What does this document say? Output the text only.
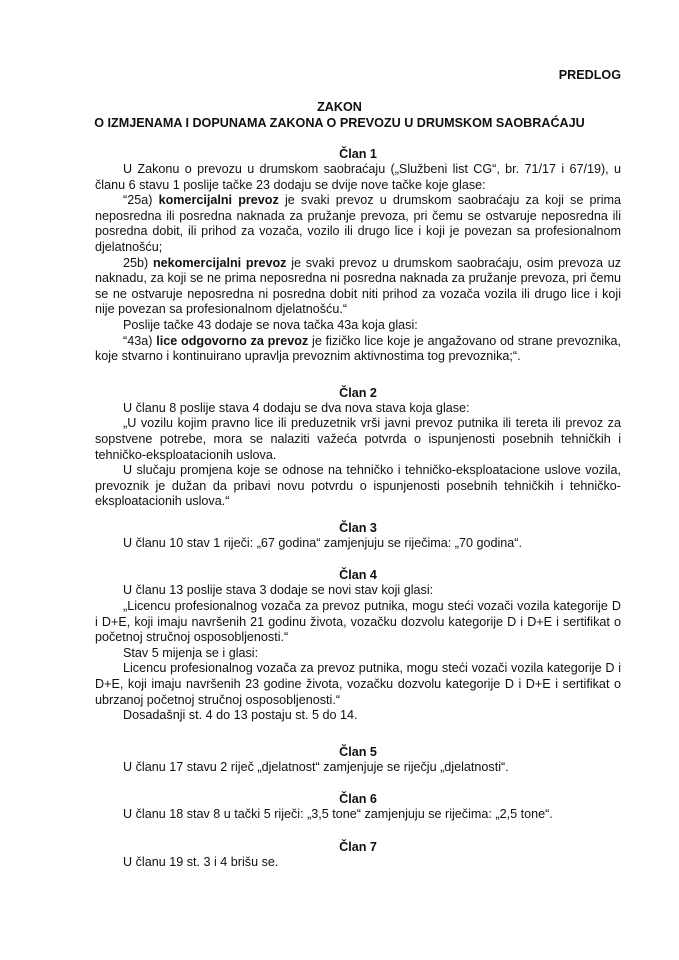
PREDLOG
ZAKON
O IZMJENAMA I DOPUNAMA ZAKONA O PREVOZU U DRUMSKOM SAOBRAĆAJU
Član 1

U Zakonu o prevozu u drumskom saobraćaju („Službeni list CG“, br. 71/17 i 67/19), u članu 6 stavu 1 poslije tačke 23 dodaju se dvije nove tačke koje glase:

“25a) komercijalni prevoz je svaki prevoz u drumskom saobraćaju za koji se prima neposredna ili posredna naknada za pružanje prevoza, pri čemu se ostvaruje neposredna ili posredna dobit, ili prihod za vozača, vozilo ili drugo lice i koji je povezan sa profesionalnom djelatnošću;

25b) nekomercijalni prevoz je svaki prevoz u drumskom saobraćaju, osim prevoza uz naknadu, za koji se ne prima neposredna ni posredna naknada za pružanje prevoza, pri čemu se ne ostvaruje neposredna ni posredna dobit niti prihod za vozača vozila ili drugo lice i koji nije povezan sa profesionalnom djelatnošću.“

Poslije tačke 43 dodaje se nova tačka 43a koja glasi:

“43a) lice odgovorno za prevoz je fizičko lice koje je angažovano od strane prevoznika, koje stvarno i kontinuirano upravlja prevoznim aktivnostima tog prevoznika;“.

Član 2

U članu 8 poslije stava 4 dodaju se dva nova stava koja glase:

„U vozilu kojim pravno lice ili preduzetnik vrši javni prevoz putnika ili tereta ili prevoz za sopstvene potrebe, mora se nalaziti važeća potvrda o ispunjenosti posebnih tehničkih i tehničko-eksploatacionih uslova.

U slučaju promjena koje se odnose na tehničko i tehničko-eksploatacione uslove vozila, prevoznik je dužan da pribavi novu potvrdu o ispunjenosti posebnih tehničkih i tehničko-eksploatacionih uslova.“

Član 3

U članu 10 stav 1 riječi: „67 godina“ zamjenjuju se riječima: „70 godina“.

Član 4

U članu 13 poslije stava 3 dodaje se novi stav koji glasi:

„Licencu profesionalnog vozača za prevoz putnika, mogu steći vozači vozila kategorije D i D+E, koji imaju navršenih 21 godinu života, vozačku dozvolu kategorije D i D+E i sertifikat o početnoj stručnoj osposobljenosti.“

Stav 5 mijenja se i glasi:

Licencu profesionalnog vozača za prevoz putnika, mogu steći vozači vozila kategorije D i D+E, koji imaju navršenih 23 godine života, vozačku dozvolu kategorije D i D+E i sertifikat o ubrzanoj početnoj stručnoj osposobljenosti.“

Dosadašnji st. 4 do 13 postaju st. 5 do 14.

Član 5

U članu 17 stavu 2 riječ „djelatnost“ zamjenjuje se riječju „djelatnosti“.

Član 6

U članu 18 stav 8 u tački 5 riječi: „3,5 tone“ zamjenjuju se riječima: „2,5 tone“.

Član 7

U članu 19 st. 3 i 4 brišu se.
